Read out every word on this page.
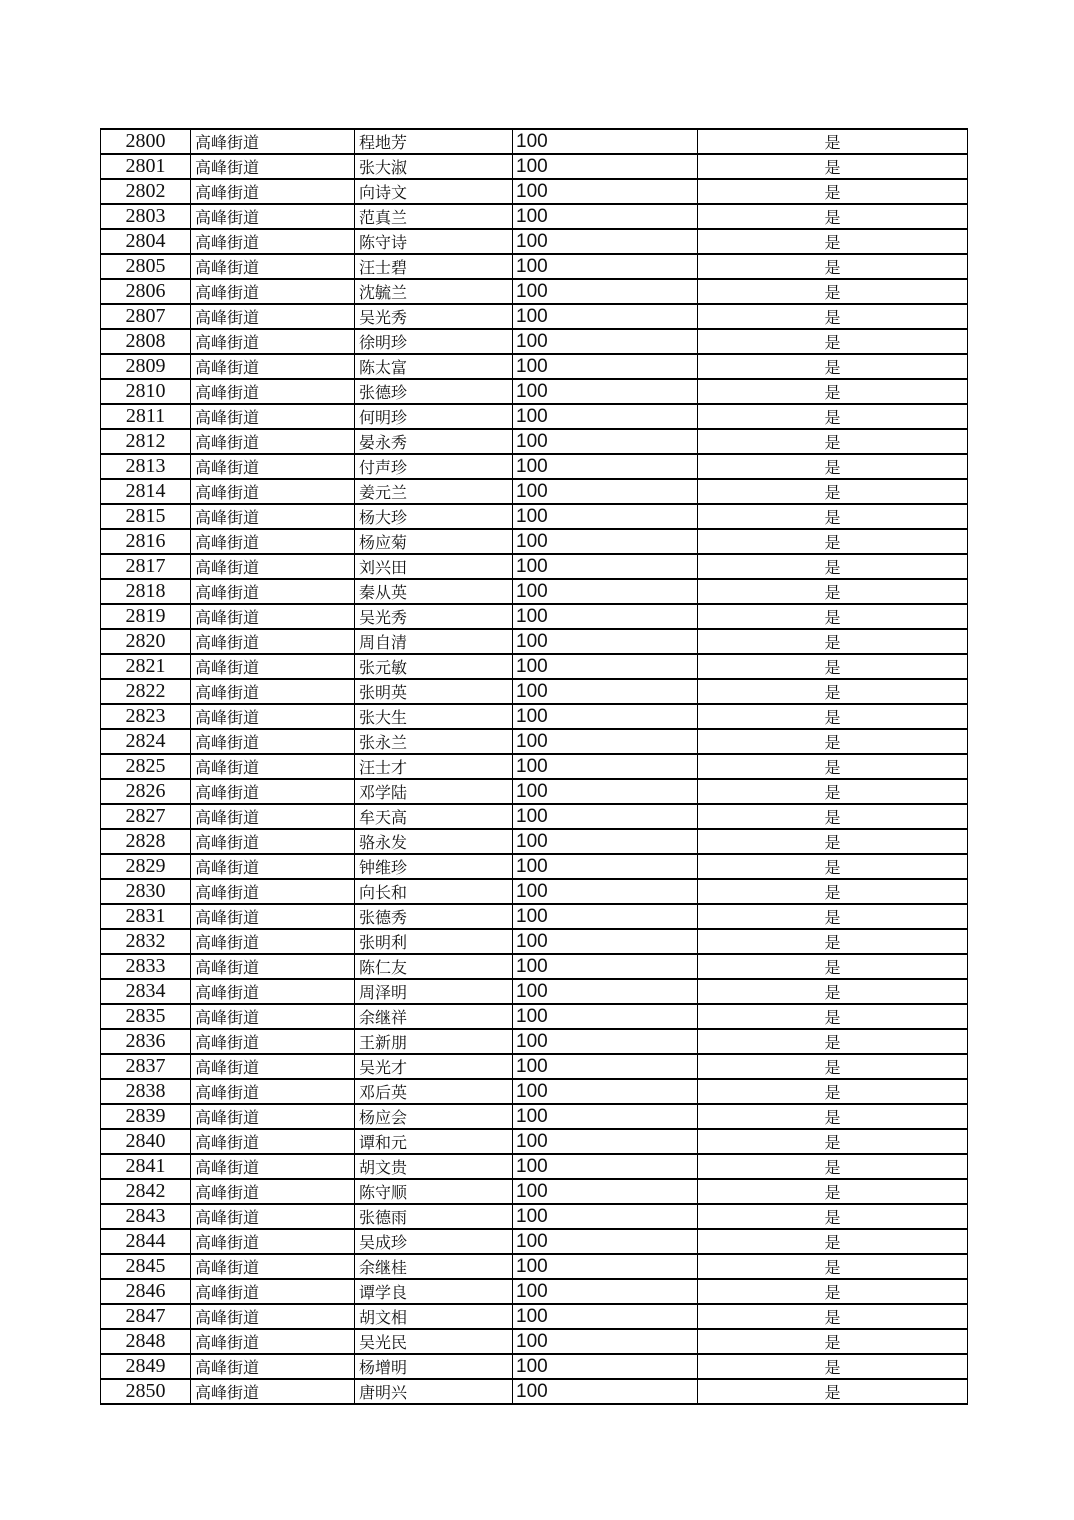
2800	高峰街道	程地芳	100	是
2801	高峰街道	张大淑	100	是
2802	高峰街道	向诗文	100	是
2803	高峰街道	范真兰	100	是
2804	高峰街道	陈守诗	100	是
2805	高峰街道	汪士碧	100	是
2806	高峰街道	沈毓兰	100	是
2807	高峰街道	吴光秀	100	是
2808	高峰街道	徐明珍	100	是
2809	高峰街道	陈太富	100	是
2810	高峰街道	张德珍	100	是
2811	高峰街道	何明珍	100	是
2812	高峰街道	晏永秀	100	是
2813	高峰街道	付声珍	100	是
2814	高峰街道	姜元兰	100	是
2815	高峰街道	杨大珍	100	是
2816	高峰街道	杨应菊	100	是
2817	高峰街道	刘兴田	100	是
2818	高峰街道	秦从英	100	是
2819	高峰街道	吴光秀	100	是
2820	高峰街道	周自清	100	是
2821	高峰街道	张元敏	100	是
2822	高峰街道	张明英	100	是
2823	高峰街道	张大生	100	是
2824	高峰街道	张永兰	100	是
2825	高峰街道	汪士才	100	是
2826	高峰街道	邓学陆	100	是
2827	高峰街道	牟天高	100	是
2828	高峰街道	骆永发	100	是
2829	高峰街道	钟维珍	100	是
2830	高峰街道	向长和	100	是
2831	高峰街道	张德秀	100	是
2832	高峰街道	张明利	100	是
2833	高峰街道	陈仁友	100	是
2834	高峰街道	周泽明	100	是
2835	高峰街道	余继祥	100	是
2836	高峰街道	王新朋	100	是
2837	高峰街道	吴光才	100	是
2838	高峰街道	邓后英	100	是
2839	高峰街道	杨应会	100	是
2840	高峰街道	谭和元	100	是
2841	高峰街道	胡文贵	100	是
2842	高峰街道	陈守顺	100	是
2843	高峰街道	张德雨	100	是
2844	高峰街道	吴成珍	100	是
2845	高峰街道	余继桂	100	是
2846	高峰街道	谭学良	100	是
2847	高峰街道	胡文相	100	是
2848	高峰街道	吴光民	100	是
2849	高峰街道	杨增明	100	是
2850	高峰街道	唐明兴	100	是
